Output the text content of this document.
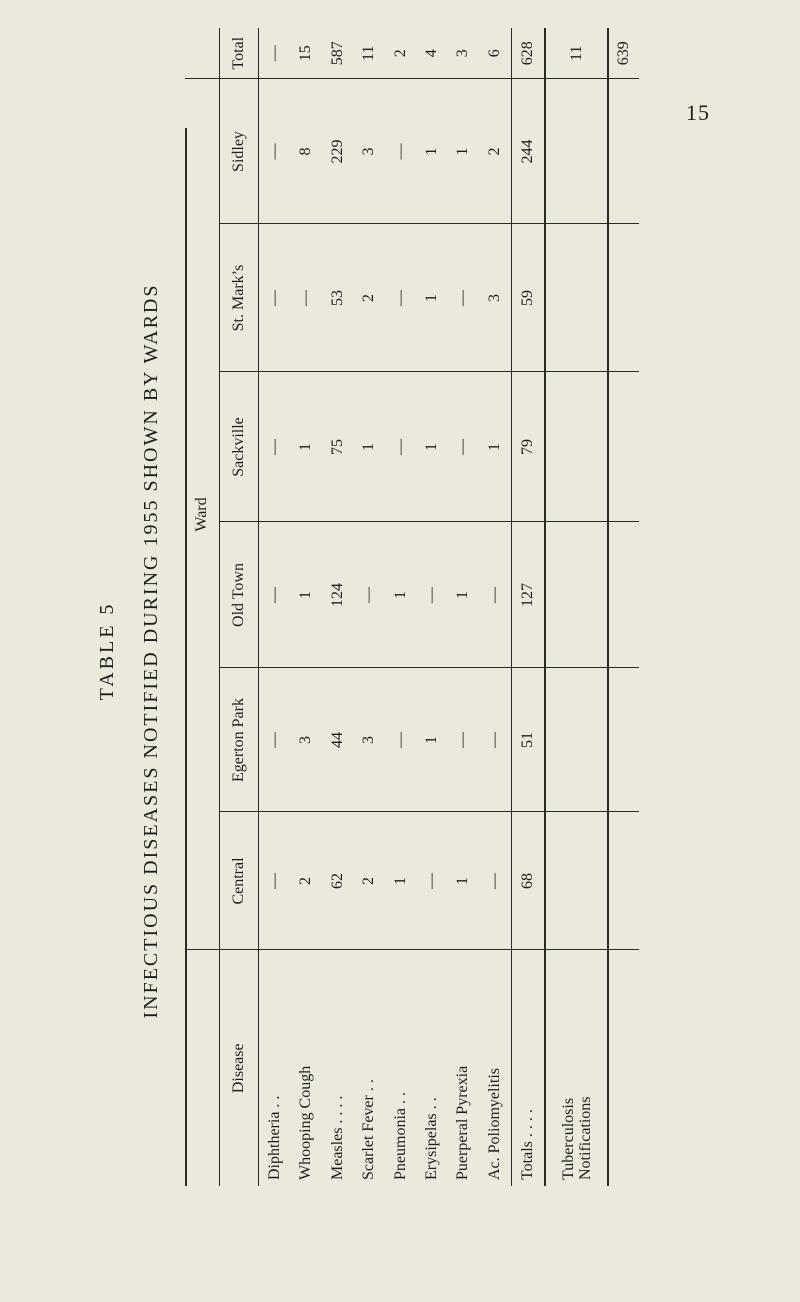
15
TABLE 5 INFECTIOUS DISEASES NOTIFIED DURING 1955 SHOWN BY WARDS
	Ward						
Disease	Central	Egerton Park	Old Town	Sackville	St. Mark’s	Sidley	Total
Diphtheria . .	—	—	—	—	—	—	—
Whooping Cough	2	3	1	1	—	8	15
Measles . . . .	62	44	124	75	53	229	587
Scarlet Fever . .	2	3	—	1	2	3	11
Pneumonia . .	1	—	1	—	—	—	2
Erysipelas . .	—	1	—	1	1	1	4
Puerperal Pyrexia	1	—	1	—	—	1	3
Ac. Poliomyelitis	—	—	—	1	3	2	6
Totals . . . .	68	51	127	79	59	244	628

Tuberculosis Notifications							11
							639
